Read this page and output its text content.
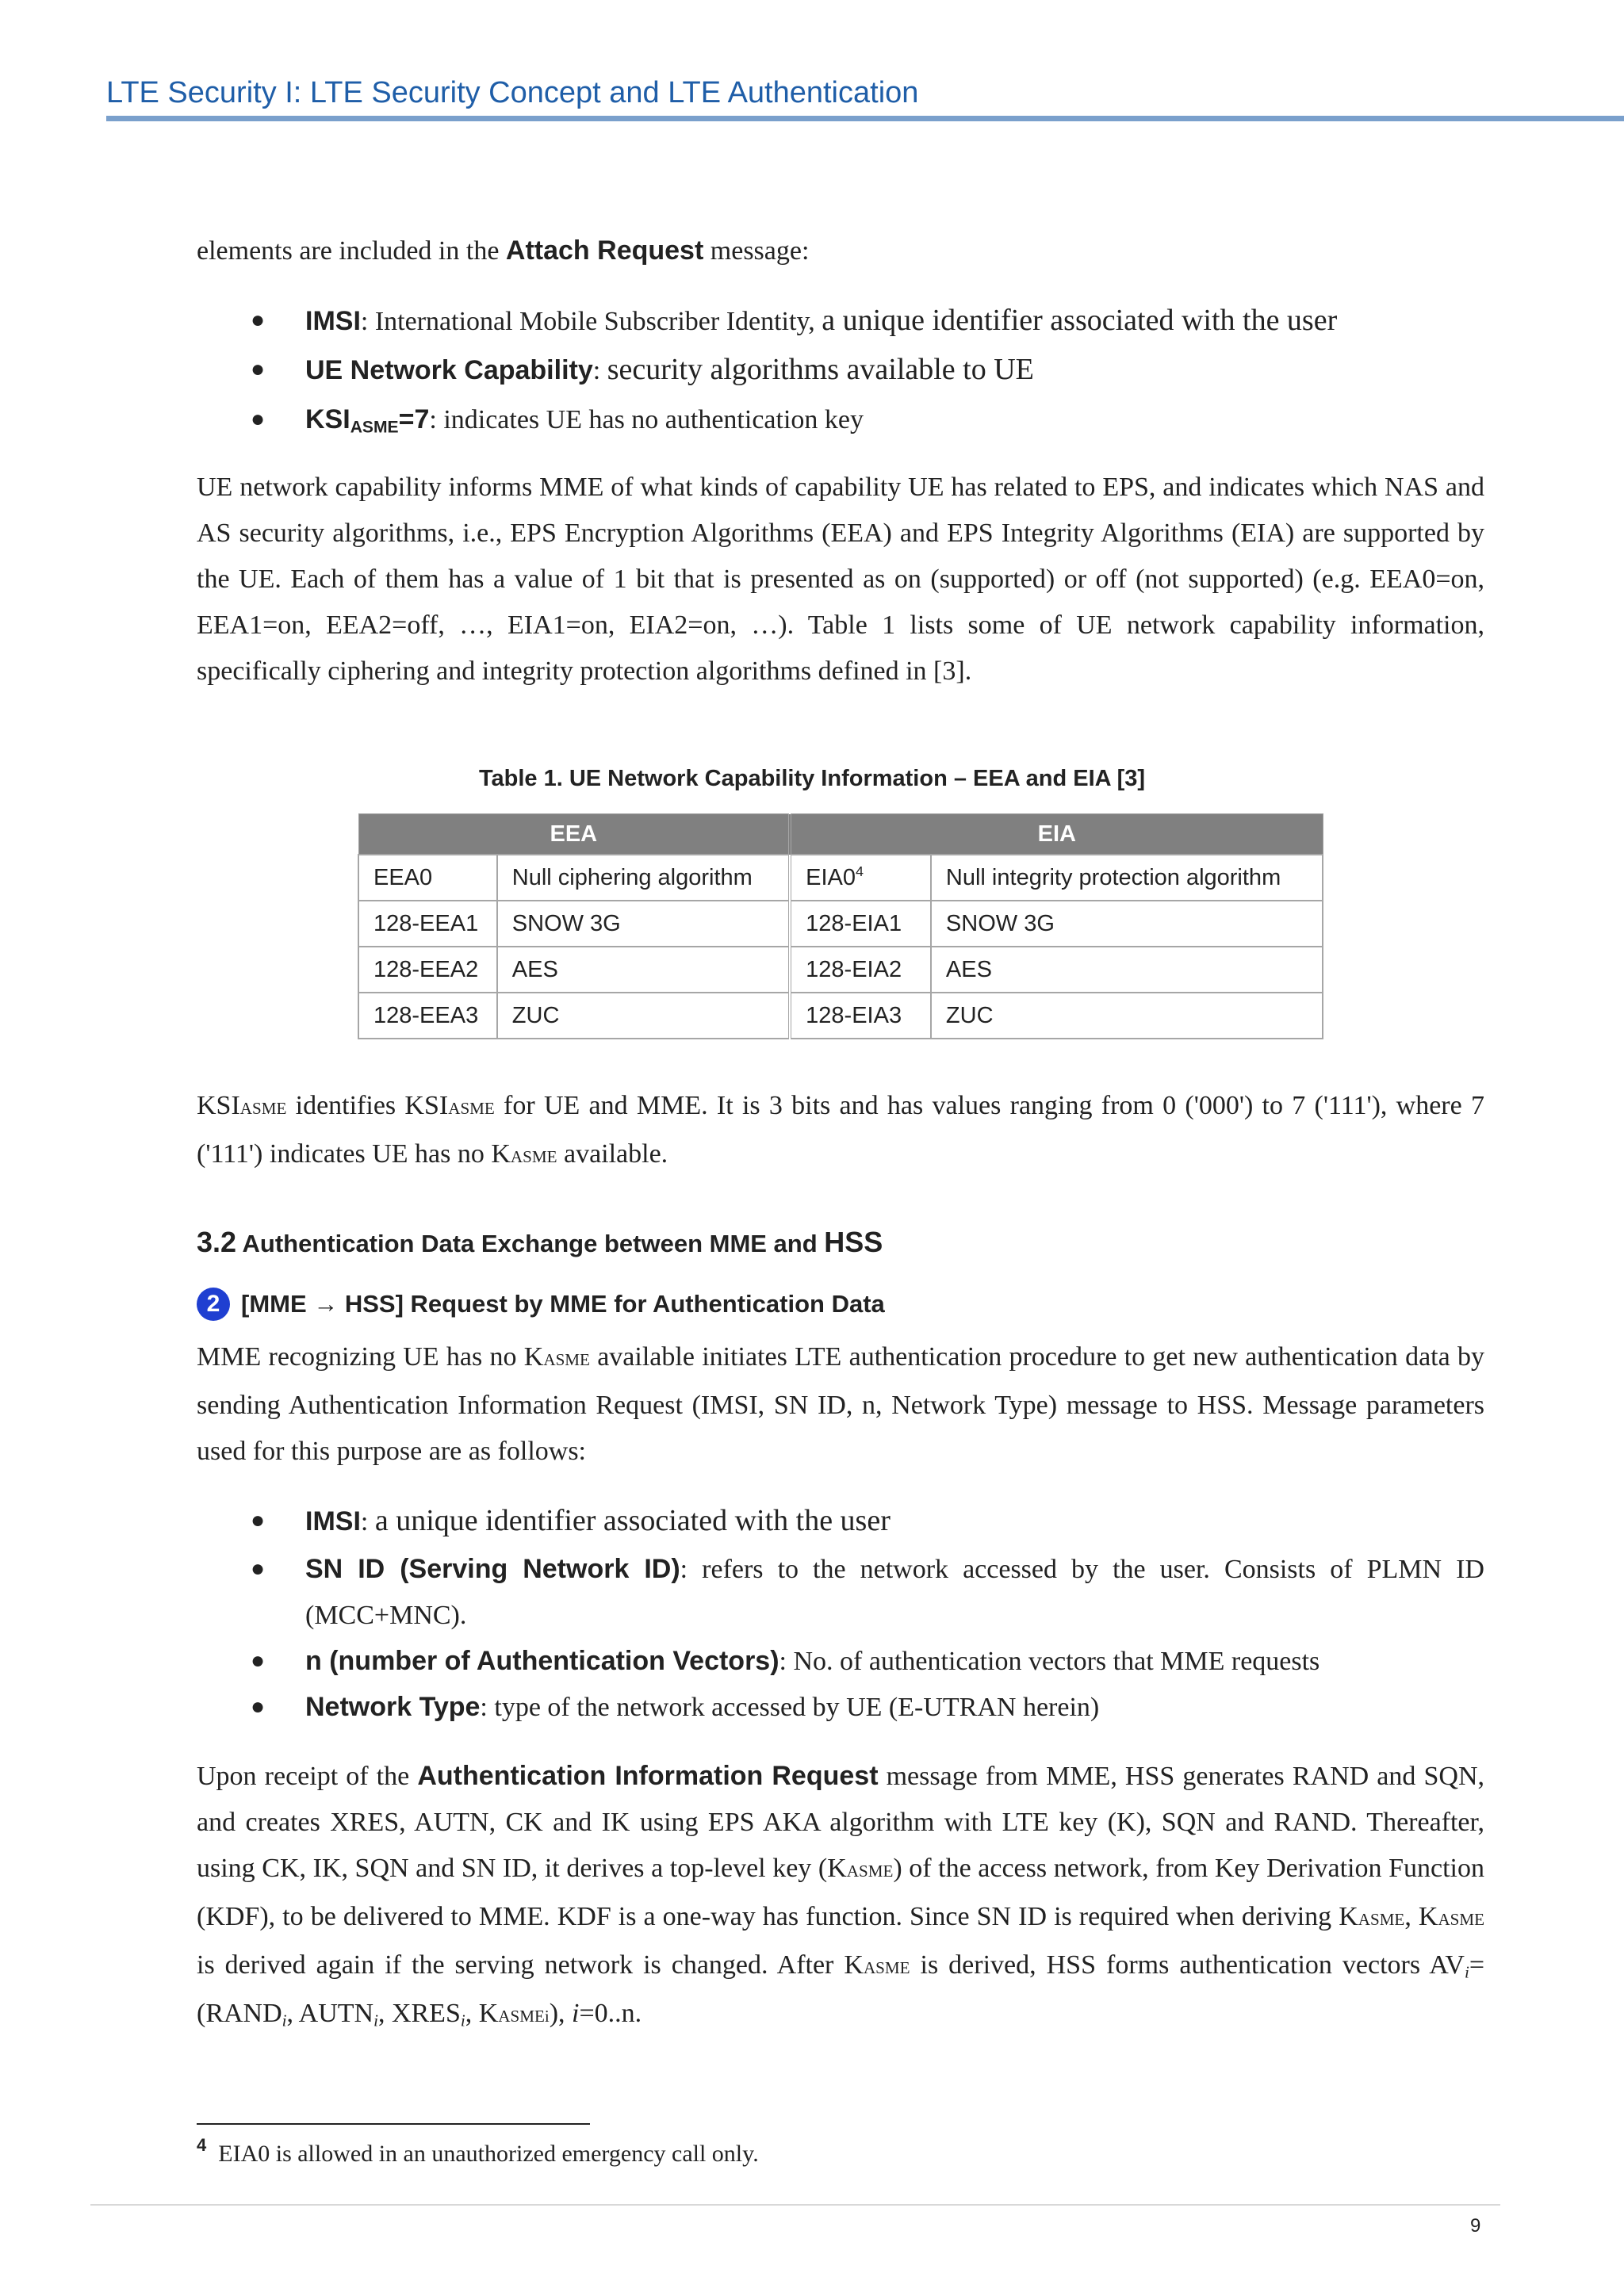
LTE Security I: LTE Security Concept and LTE Authentication
elements are included in the Attach Request message:
● IMSI: International Mobile Subscriber Identity, a unique identifier associated with the user
● UE Network Capability: security algorithms available to UE
● $KSI_{ASME}=7$: indicates UE has no authentication key
UE network capability informs MME of what kinds of capability UE has related to EPS, and indicates which NAS and AS security algorithms, i.e., EPS Encryption Algorithms (EEA) and EPS Integrity Algorithms (EIA) are supported by the UE. Each of them has a value of 1 bit that is presented as on (supported) or off (not supported) (e.g. EEA0=on, EEA1=on, EEA2=off, …, EIA1=on, EIA2=on, …). Table 1 lists some of UE network capability information, specifically ciphering and integrity protection algorithms defined in [3].
Table 1. UE Network Capability Information – EEA and EIA [3]
EEA		EIA	
EEA0	Null ciphering algorithm	$EIA0^4$	Null integrity protection algorithm
128-EEA1	SNOW 3G	128-EIA1	SNOW 3G
128-EEA2	AES	128-EIA2	AES
128-EEA3	ZUC	128-EIA3	ZUC
KSIASME identifies KSIASME for UE and MME. It is 3 bits and has values ranging from 0 ('000') to 7 ('111'), where 7 ('111') indicates UE has no KASME available.
3.2 Authentication Data Exchange between MME and HSS
2 [MME → HSS] Request by MME for Authentication Data
MME recognizing UE has no KASME available initiates LTE authentication procedure to get new authentication data by sending Authentication Information Request (IMSI, SN ID, n, Network Type) message to HSS. Message parameters used for this purpose are as follows:
● IMSI: a unique identifier associated with the user
● SN ID (Serving Network ID): refers to the network accessed by the user. Consists of PLMN ID (MCC+MNC).
● n (number of Authentication Vectors): No. of authentication vectors that MME requests
● Network Type: type of the network accessed by UE (E-UTRAN herein)
Upon receipt of the Authentication Information Request message from MME, HSS generates RAND and SQN, and creates XRES, AUTN, CK and IK using EPS AKA algorithm with LTE key (K), SQN and RAND. Thereafter, using CK, IK, SQN and SN ID, it derives a top-level key (KASME) of the access network, from Key Derivation Function (KDF), to be delivered to MME. KDF is a one-way has function. Since SN ID is required when deriving KASME, KASME is derived again if the serving network is changed. After KASME is derived, HSS forms authentication vectors $AV_i=(RAND_i$, $AUTN_i$, $XRES_i$, KASMEi), i=0..n.
$^4$ EIA0 is allowed in an unauthorized emergency call only.
9
